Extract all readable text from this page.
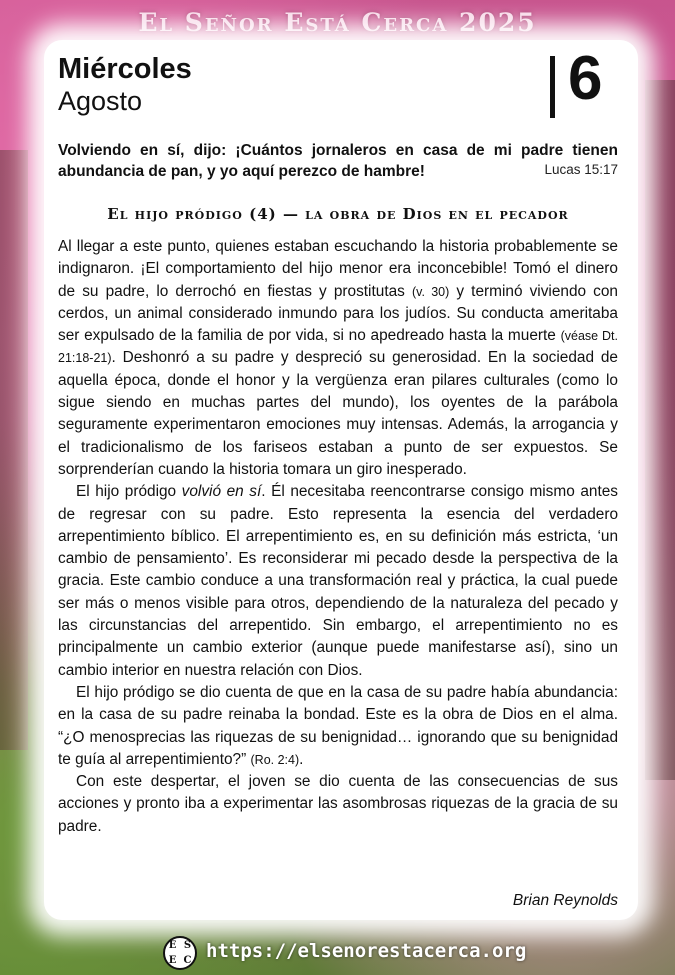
El Señor Está Cerca 2025
Miércoles
Agosto	6
Volviendo en sí, dijo: ¡Cuántos jornaleros en casa de mi padre tienen abundancia de pan, y yo aquí perezco de hambre!	Lucas 15:17
El hijo pródigo (4) — la obra de Dios en el pecador

Al llegar a este punto, quienes estaban escuchando la historia probablemente se indignaron. ¡El comportamiento del hijo menor era inconcebible! Tomó el dinero de su padre, lo derrochó en fiestas y prostitutas (v. 30) y terminó viviendo con cerdos, un animal considerado inmundo para los judíos. Su conducta ameritaba ser expulsado de la familia de por vida, si no apedreado hasta la muerte (véase Dt. 21:18-21). Deshonró a su padre y despreció su generosidad. En la sociedad de aquella época, donde el honor y la vergüenza eran pilares culturales (como lo sigue siendo en muchas partes del mundo), los oyentes de la parábola seguramente experimentaron emociones muy intensas. Además, la arrogancia y el tradicionalismo de los fariseos estaban a punto de ser expuestos. Se sorprenderían cuando la historia tomara un giro inesperado.

El hijo pródigo volvió en sí. Él necesitaba reencontrarse consigo mismo antes de regresar con su padre. Esto representa la esencia del verdadero arrepentimiento bíblico. El arrepentimiento es, en su definición más estricta, ‘un cambio de pensamiento’. Es reconsiderar mi pecado desde la perspectiva de la gracia. Este cambio conduce a una transformación real y práctica, la cual puede ser más o menos visible para otros, dependiendo de la naturaleza del pecado y las circunstancias del arrepentido. Sin embargo, el arrepentimiento no es principalmente un cambio exterior (aunque puede manifestarse así), sino un cambio interior en nuestra relación con Dios.

El hijo pródigo se dio cuenta de que en la casa de su padre había abundancia: en la casa de su padre reinaba la bondad. Este es la obra de Dios en el alma. “¿O menosprecias las riquezas de su benignidad… ignorando que su benignidad te guía al arrepentimiento?” (Ro. 2:4).

Con este despertar, el joven se dio cuenta de las consecuencias de sus acciones y pronto iba a experimentar las asombrosas riquezas de la gracia de su padre.

Brian Reynolds
E S
E C https://elsenorestacerca.org
